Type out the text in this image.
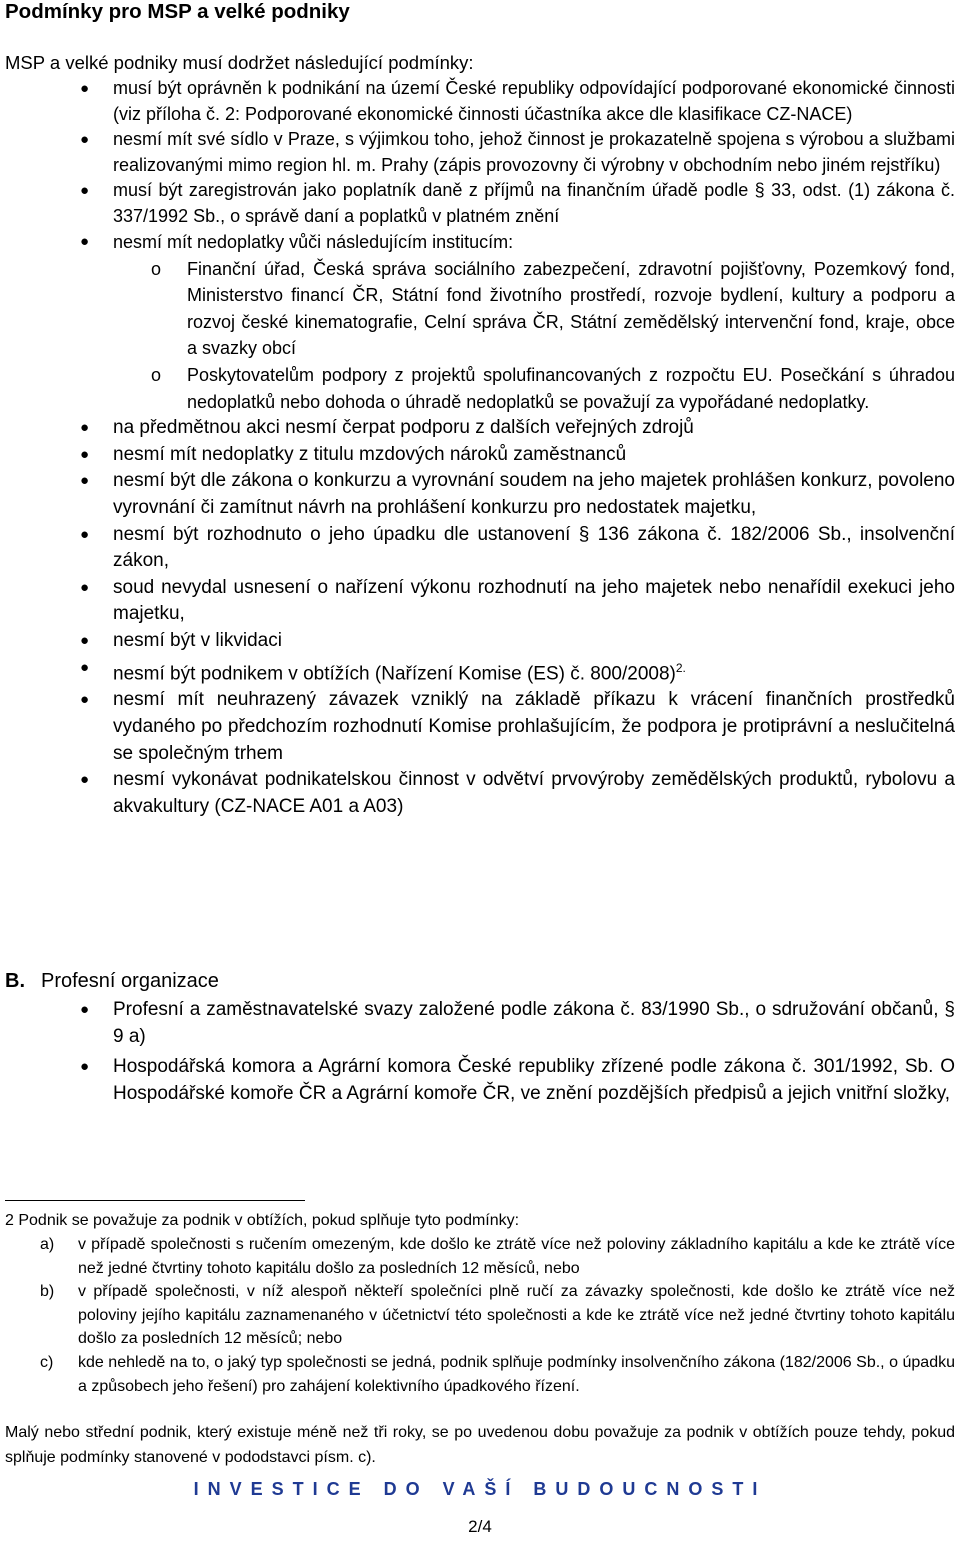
Podmínky pro MSP a velké podniky

MSP a velké podniky musí dodržet následující podmínky:

● musí být oprávněn k podnikání na území České republiky odpovídající podporované ekonomické činnosti (viz příloha č. 2: Podporované ekonomické činnosti účastníka akce dle klasifikace CZ-NACE)
● nesmí mít své sídlo v Praze, s výjimkou toho, jehož činnost je prokazatelně spojena s výrobou a službami realizovanými mimo region hl. m. Prahy (zápis provozovny či výrobny v obchodním nebo jiném rejstříku)
● musí být zaregistrován jako poplatník daně z příjmů na finančním úřadě podle § 33, odst. (1) zákona č. 337/1992 Sb., o správě daní a poplatků v platném znění
● nesmí mít nedoplatky vůči následujícím institucím:
o Finanční úřad, Česká správa sociálního zabezpečení, zdravotní pojišťovny, Pozemkový fond, Ministerstvo financí ČR, Státní fond životního prostředí, rozvoje bydlení, kultury a podporu a rozvoj české kinematografie, Celní správa ČR, Státní zemědělský intervenční fond, kraje, obce a svazky obcí
o Poskytovatelům podpory z projektů spolufinancovaných z rozpočtu EU. Posečkání s úhradou nedoplatků nebo dohoda o úhradě nedoplatků se považují za vypořádané nedoplatky.
● na předmětnou akci nesmí čerpat podporu z dalších veřejných zdrojů
● nesmí mít nedoplatky z titulu mzdových nároků zaměstnanců
● nesmí být dle zákona o konkurzu a vyrovnání soudem na jeho majetek prohlášen konkurz, povoleno vyrovnání či zamítnut návrh na prohlášení konkurzu pro nedostatek majetku,
● nesmí být rozhodnuto o jeho úpadku dle ustanovení § 136 zákona č. 182/2006 Sb., insolvenční zákon,
● soud nevydal usnesení o nařízení výkonu rozhodnutí na jeho majetek nebo nenařídil exekuci jeho majetku,
● nesmí být v likvidaci
● nesmí být podnikem v obtížích (Nařízení Komise (ES) č. 800/2008)$^{2.}$
● nesmí mít neuhrazený závazek vzniklý na základě příkazu k vrácení finančních prostředků vydaného po předchozím rozhodnutí Komise prohlašujícím, že podpora je protiprávní a neslučitelná se společným trhem
● nesmí vykonávat podnikatelskou činnost v odvětví prvovýroby zemědělských produktů, rybolovu a akvakultury (CZ-NACE A01 a A03)

B. Profesní organizace

● Profesní a zaměstnavatelské svazy založené podle zákona č. 83/1990 Sb., o sdružování občanů, § 9 a)
● Hospodářská komora a Agrární komora České republiky zřízené podle zákona č. 301/1992, Sb. O Hospodářské komoře ČR a Agrární komoře ČR, ve znění pozdějších předpisů a jejich vnitřní složky,

2 Podnik se považuje za podnik v obtížích, pokud splňuje tyto podmínky:

a) v případě společnosti s ručením omezeným, kde došlo ke ztrátě více než poloviny základního kapitálu a kde ke ztrátě více než jedné čtvrtiny tohoto kapitálu došlo za posledních 12 měsíců, nebo
b) v případě společnosti, v níž alespoň někteří společníci plně ručí za závazky společnosti, kde došlo ke ztrátě více než poloviny jejího kapitálu zaznamenaného v účetnictví této společnosti a kde ke ztrátě více než jedné čtvrtiny tohoto kapitálu došlo za posledních 12 měsíců; nebo
c) kde nehledě na to, o jaký typ společnosti se jedná, podnik splňuje podmínky insolvenčního zákona (182/2006 Sb., o úpadku a způsobech jeho řešení) pro zahájení kolektivního úpadkového řízení.

Malý nebo střední podnik, který existuje méně než tři roky, se po uvedenou dobu považuje za podnik v obtížích pouze tehdy, pokud splňuje podmínky stanovené v pododstavci písm. c).

INVESTICE DO VAŠÍ BUDOUCNOSTI

2/4
